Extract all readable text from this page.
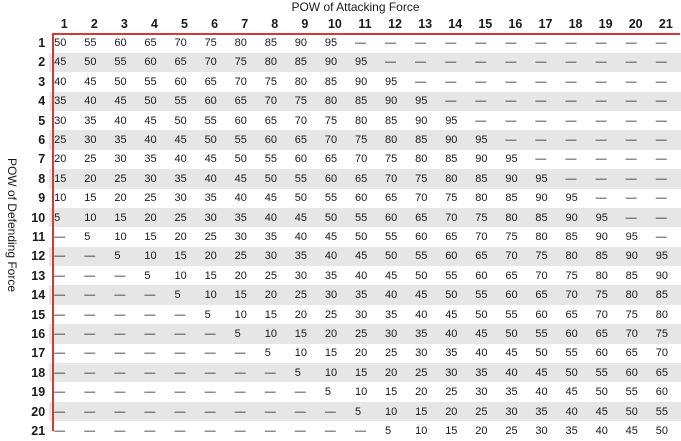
POW of Attacking Force
POW of Defending Force
	1	2	3	4	5	6	7	8	9	10	11	12	13	14	15	16	17	18	19	20	21
1	50	55	60	65	70	75	80	85	90	95	—	—	—	—	—	—	—	—	—	—	—
2	45	50	55	60	65	70	75	80	85	90	95	—	—	—	—	—	—	—	—	—	—
3	40	45	50	55	60	65	70	75	80	85	90	95	—	—	—	—	—	—	—	—	—
4	35	40	45	50	55	60	65	70	75	80	85	90	95	—	—	—	—	—	—	—	—
5	30	35	40	45	50	55	60	65	70	75	80	85	90	95	—	—	—	—	—	—	—
6	25	30	35	40	45	50	55	60	65	70	75	80	85	90	95	—	—	—	—	—	—
7	20	25	30	35	40	45	50	55	60	65	70	75	80	85	90	95	—	—	—	—	—
8	15	20	25	30	35	40	45	50	55	60	65	70	75	80	85	90	95	—	—	—	—
9	10	15	20	25	30	35	40	45	50	55	60	65	70	75	80	85	90	95	—	—	—
10	5	10	15	20	25	30	35	40	45	50	55	60	65	70	75	80	85	90	95	—	—
11	—	5	10	15	20	25	30	35	40	45	50	55	60	65	70	75	80	85	90	95	—
12	—	—	5	10	15	20	25	30	35	40	45	50	55	60	65	70	75	80	85	90	95
13	—	—	—	5	10	15	20	25	30	35	40	45	50	55	60	65	70	75	80	85	90
14	—	—	—	—	5	10	15	20	25	30	35	40	45	50	55	60	65	70	75	80	85
15	—	—	—	—	—	5	10	15	20	25	30	35	40	45	50	55	60	65	70	75	80
16	—	—	—	—	—	—	5	10	15	20	25	30	35	40	45	50	55	60	65	70	75
17	—	—	—	—	—	—	—	5	10	15	20	25	30	35	40	45	50	55	60	65	70
18	—	—	—	—	—	—	—	—	5	10	15	20	25	30	35	40	45	50	55	60	65
19	—	—	—	—	—	—	—	—	—	5	10	15	20	25	30	35	40	45	50	55	60
20	—	—	—	—	—	—	—	—	—	—	5	10	15	20	25	30	35	40	45	50	55
21	—	—	—	—	—	—	—	—	—	—	—	5	10	15	20	25	30	35	40	45	50
